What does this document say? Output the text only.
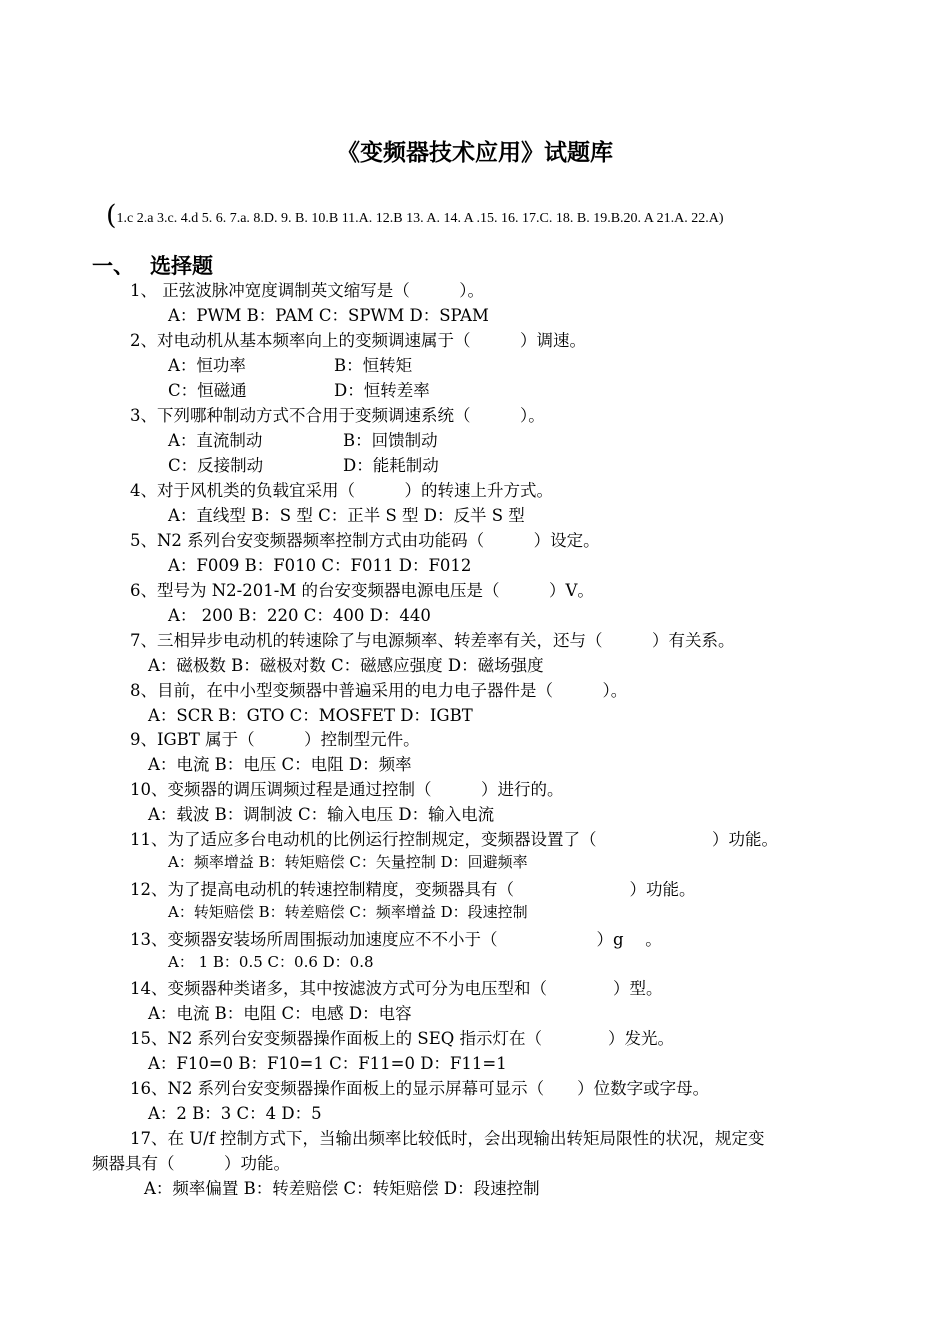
《变频器技术应用》试题库
(1.c 2.a 3.c. 4.d 5. 6. 7.a. 8.D. 9. B. 10.B 11.A. 12.B 13. A. 14. A .15. 16. 17.C. 18. B. 19.B.20. A 21.A. 22.A)
一、 选择题
1、 正弦波脉冲宽度调制英文缩写是（　　　）。
A：PWM B：PAM C：SPWM D：SPAM
2、对电动机从基本频率向上的变频调速属于（　　　）调速。
A：恒功率	B：恒转矩
C：恒磁通	D：恒转差率
3、下列哪种制动方式不合用于变频调速系统（　　　）。
A：直流制动	B：回馈制动
C：反接制动	D：能耗制动
4、对于风机类的负载宜采用（　　　）的转速上升方式。
A：直线型 B：S 型 C：正半 S 型 D：反半 S 型
5、N2 系列台安变频器频率控制方式由功能码（　　　）设定。
A：F009 B：F010 C：F011 D：F012
6、型号为 N2-201-M 的台安变频器电源电压是（　　　）V。
A： 200 B：220 C：400 D：440
7、三相异步电动机的转速除了与电源频率、转差率有关，还与（　　　）有关系。
A：磁极数 B：磁极对数 C：磁感应强度 D：磁场强度
8、目前，在中小型变频器中普遍采用的电力电子器件是（　　　）。
A：SCR B：GTO C：MOSFET D：IGBT
9、IGBT 属于（　　　）控制型元件。
A：电流 B：电压 C：电阻 D：频率
10、变频器的调压调频过程是通过控制（　　　）进行的。
A：载波 B：调制波 C：输入电压 D：输入电流
11、为了适应多台电动机的比例运行控制规定，变频器设置了（　　　　　　　）功能。
A：频率增益 B：转矩赔偿 C：矢量控制 D：回避频率
12、为了提高电动机的转速控制精度，变频器具有（　　　　　　　）功能。
A：转矩赔偿 B：转差赔偿 C：频率增益 D：段速控制
13、变频器安装场所周围振动加速度应不不小于（　　　　　　）g　 。
A： 1 B：0.5 C：0.6 D：0.8
14、变频器种类诸多，其中按滤波方式可分为电压型和（　　　　）型。
A：电流 B：电阻 C：电感 D：电容
15、N2 系列台安变频器操作面板上的 SEQ 指示灯在（　　　　）发光。
A：F10=0 B：F10=1 C：F11=0 D：F11=1
16、N2 系列台安变频器操作面板上的显示屏幕可显示（　　）位数字或字母。
A：2 B：3 C：4 D：5
17、在 U/f 控制方式下，当输出频率比较低时，会出现输出转矩局限性的状况，规定变
频器具有（　　　）功能。
A：频率偏置 B：转差赔偿 C：转矩赔偿 D：段速控制
